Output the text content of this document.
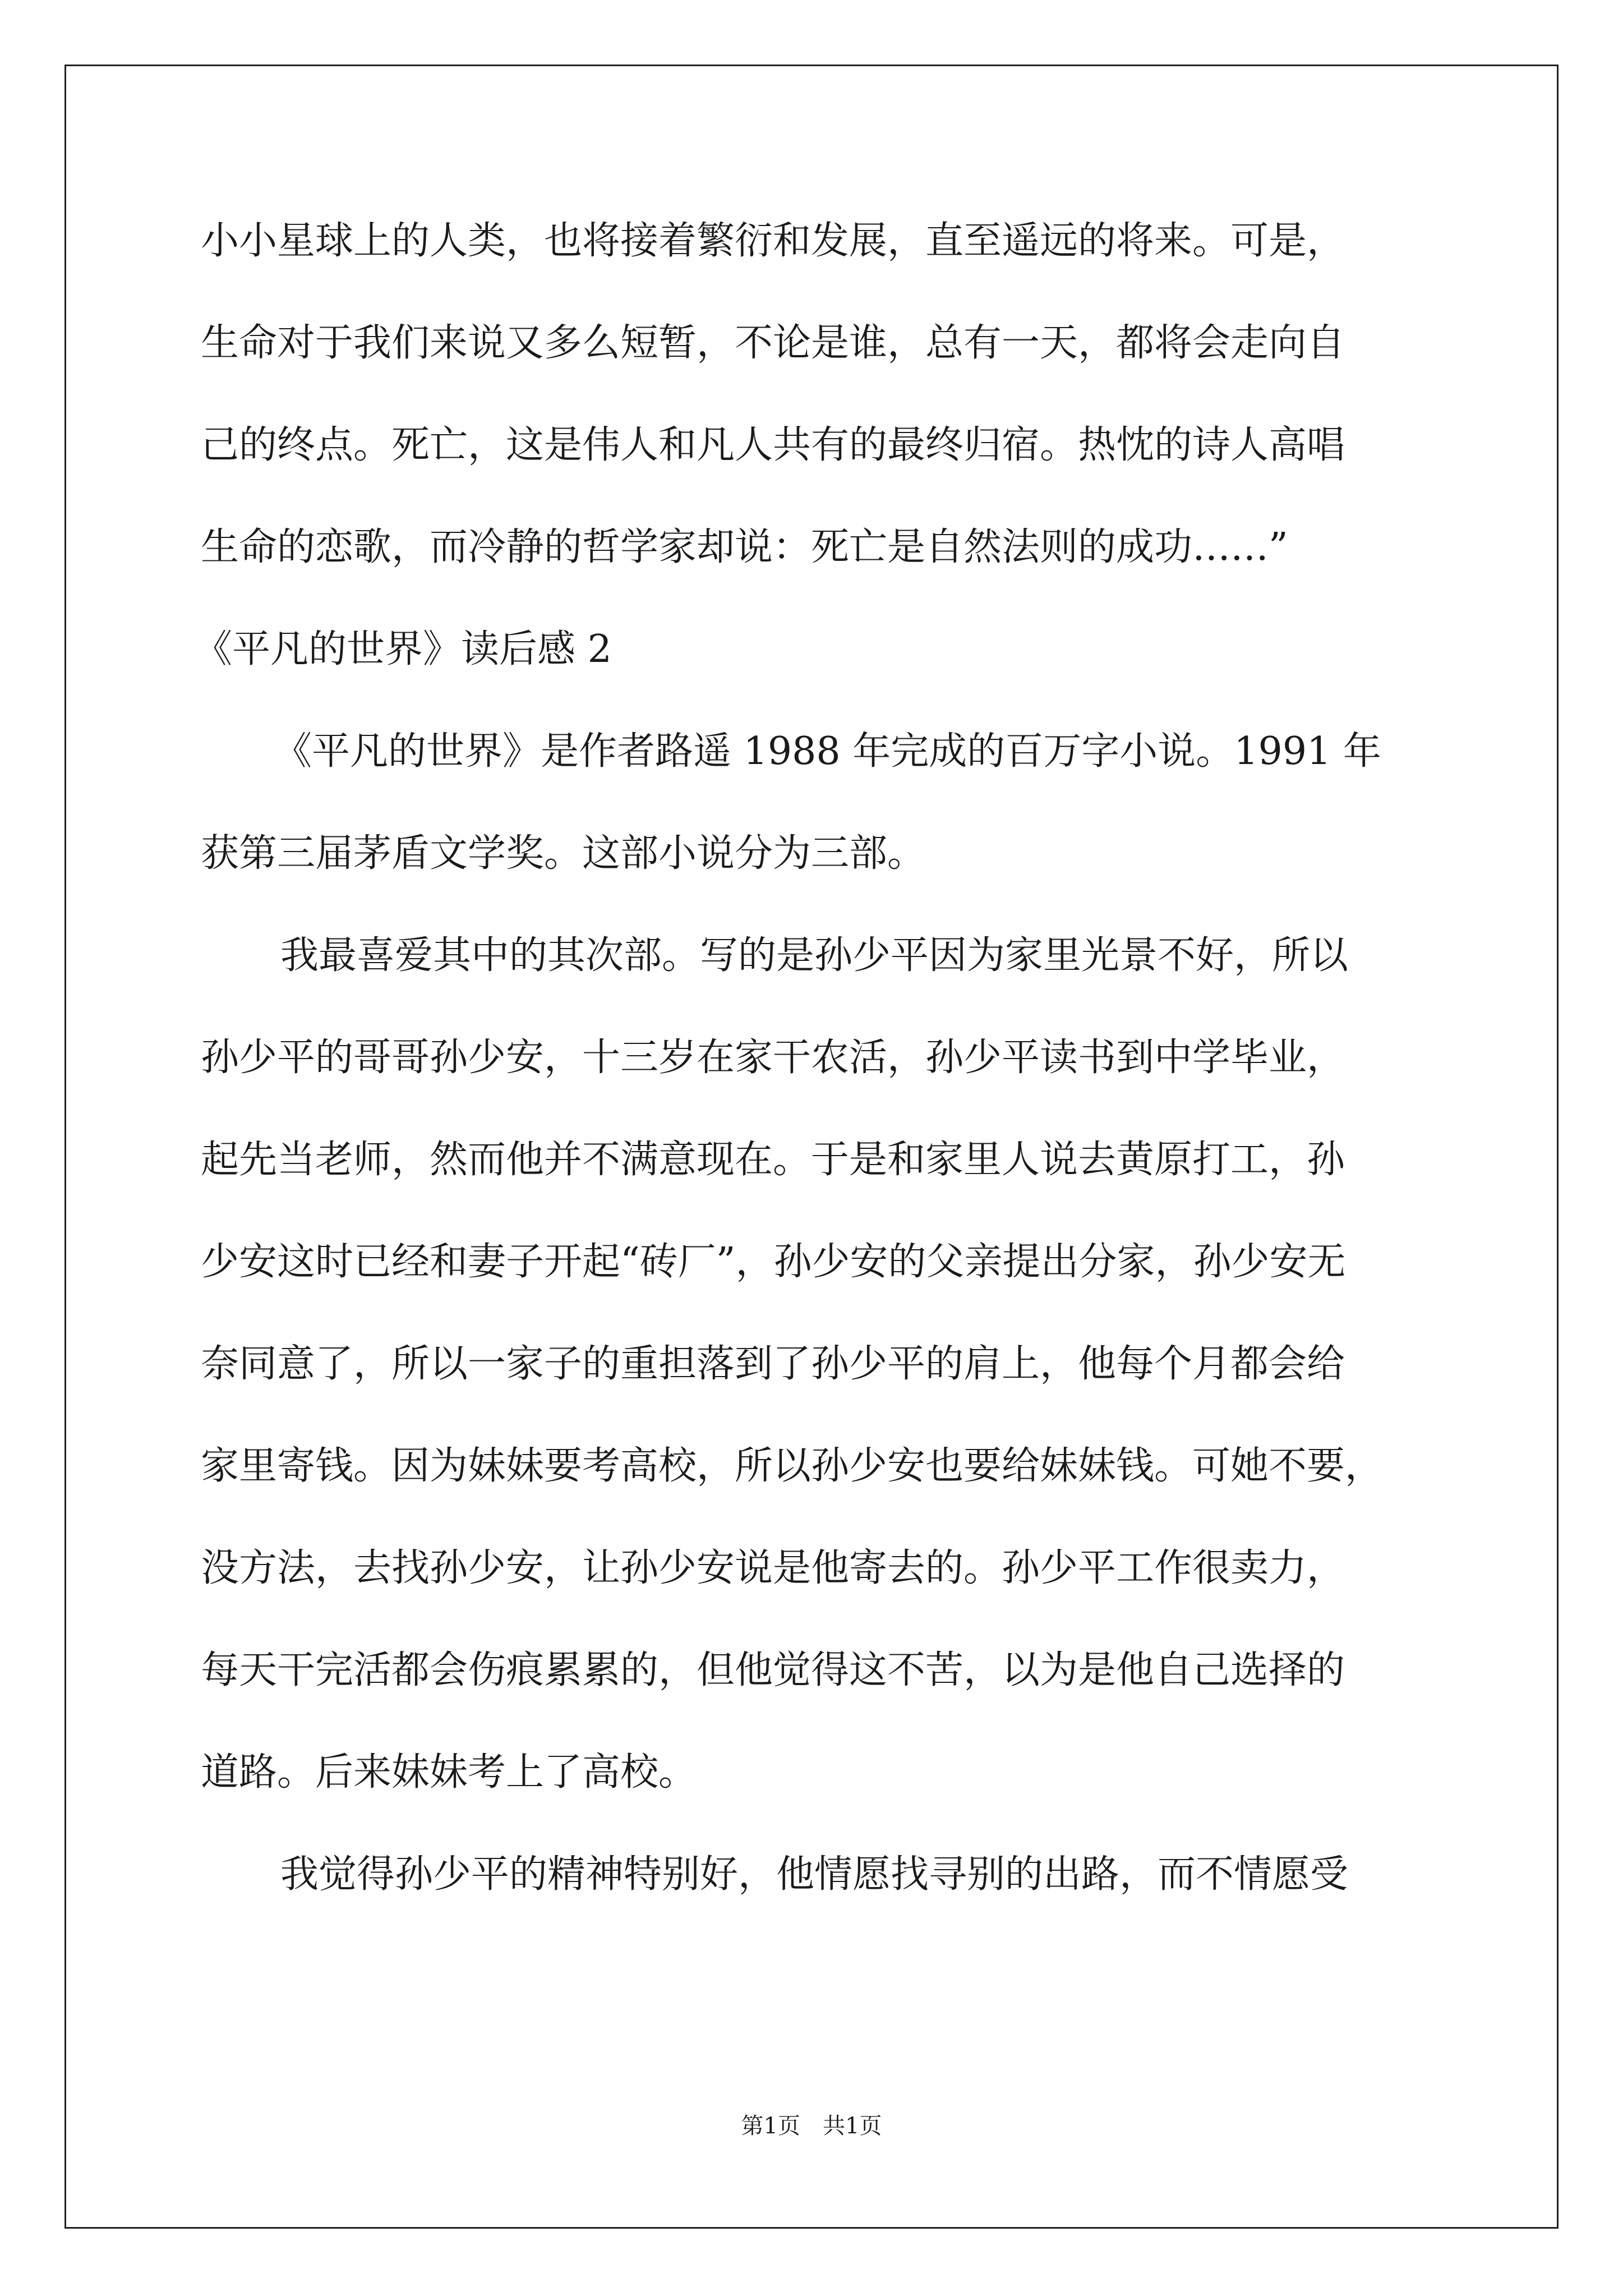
小小星球上的人类，也将接着繁衍和发展，直至遥远的将来。可是，
生命对于我们来说又多么短暂，不论是谁，总有一天，都将会走向自
己的终点。死亡，这是伟人和凡人共有的最终归宿。热忱的诗人高唱
生命的恋歌，而冷静的哲学家却说：死亡是自然法则的成功……”
《平凡的世界》读后感 2
《平凡的世界》是作者路遥 1988 年完成的百万字小说。1991 年
获第三届茅盾文学奖。这部小说分为三部。
我最喜爱其中的其次部。写的是孙少平因为家里光景不好，所以
孙少平的哥哥孙少安，十三岁在家干农活，孙少平读书到中学毕业，
起先当老师，然而他并不满意现在。于是和家里人说去黄原打工，孙
少安这时已经和妻子开起“砖厂”，孙少安的父亲提出分家，孙少安无
奈同意了，所以一家子的重担落到了孙少平的肩上，他每个月都会给
家里寄钱。因为妹妹要考高校，所以孙少安也要给妹妹钱。可她不要，
没方法，去找孙少安，让孙少安说是他寄去的。孙少平工作很卖力，
每天干完活都会伤痕累累的，但他觉得这不苦，以为是他自己选择的
道路。后来妹妹考上了高校。
我觉得孙少平的精神特别好，他情愿找寻别的出路，而不情愿受
第1页　共1页
